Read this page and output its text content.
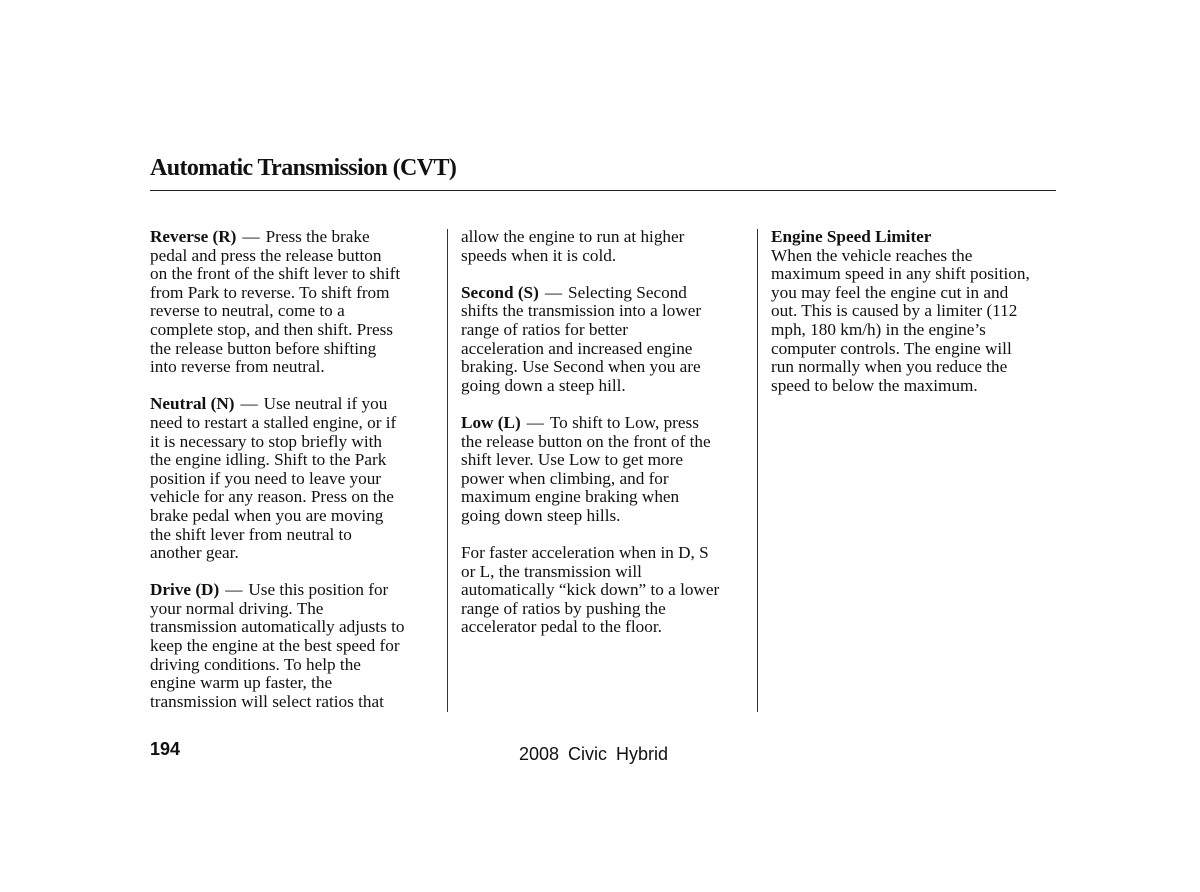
Automatic Transmission (CVT)

Reverse (R) — Press the brake
pedal and press the release button
on the front of the shift lever to shift
from Park to reverse. To shift from
reverse to neutral, come to a
complete stop, and then shift. Press
the release button before shifting
into reverse from neutral.

Neutral (N) — Use neutral if you
need to restart a stalled engine, or if
it is necessary to stop briefly with
the engine idling. Shift to the Park
position if you need to leave your
vehicle for any reason. Press on the
brake pedal when you are moving
the shift lever from neutral to
another gear.

Drive (D) — Use this position for
your normal driving. The
transmission automatically adjusts to
keep the engine at the best speed for
driving conditions. To help the
engine warm up faster, the
transmission will select ratios that

allow the engine to run at higher
speeds when it is cold.

Second (S) — Selecting Second
shifts the transmission into a lower
range of ratios for better
acceleration and increased engine
braking. Use Second when you are
going down a steep hill.

Low (L) — To shift to Low, press
the release button on the front of the
shift lever. Use Low to get more
power when climbing, and for
maximum engine braking when
going down steep hills.

For faster acceleration when in D, S
or L, the transmission will
automatically “kick down” to a lower
range of ratios by pushing the
accelerator pedal to the floor.

Engine Speed Limiter
When the vehicle reaches the
maximum speed in any shift position,
you may feel the engine cut in and
out. This is caused by a limiter (112
mph, 180 km/h) in the engine’s
computer controls. The engine will
run normally when you reduce the
speed to below the maximum.

194	2008 Civic Hybrid
